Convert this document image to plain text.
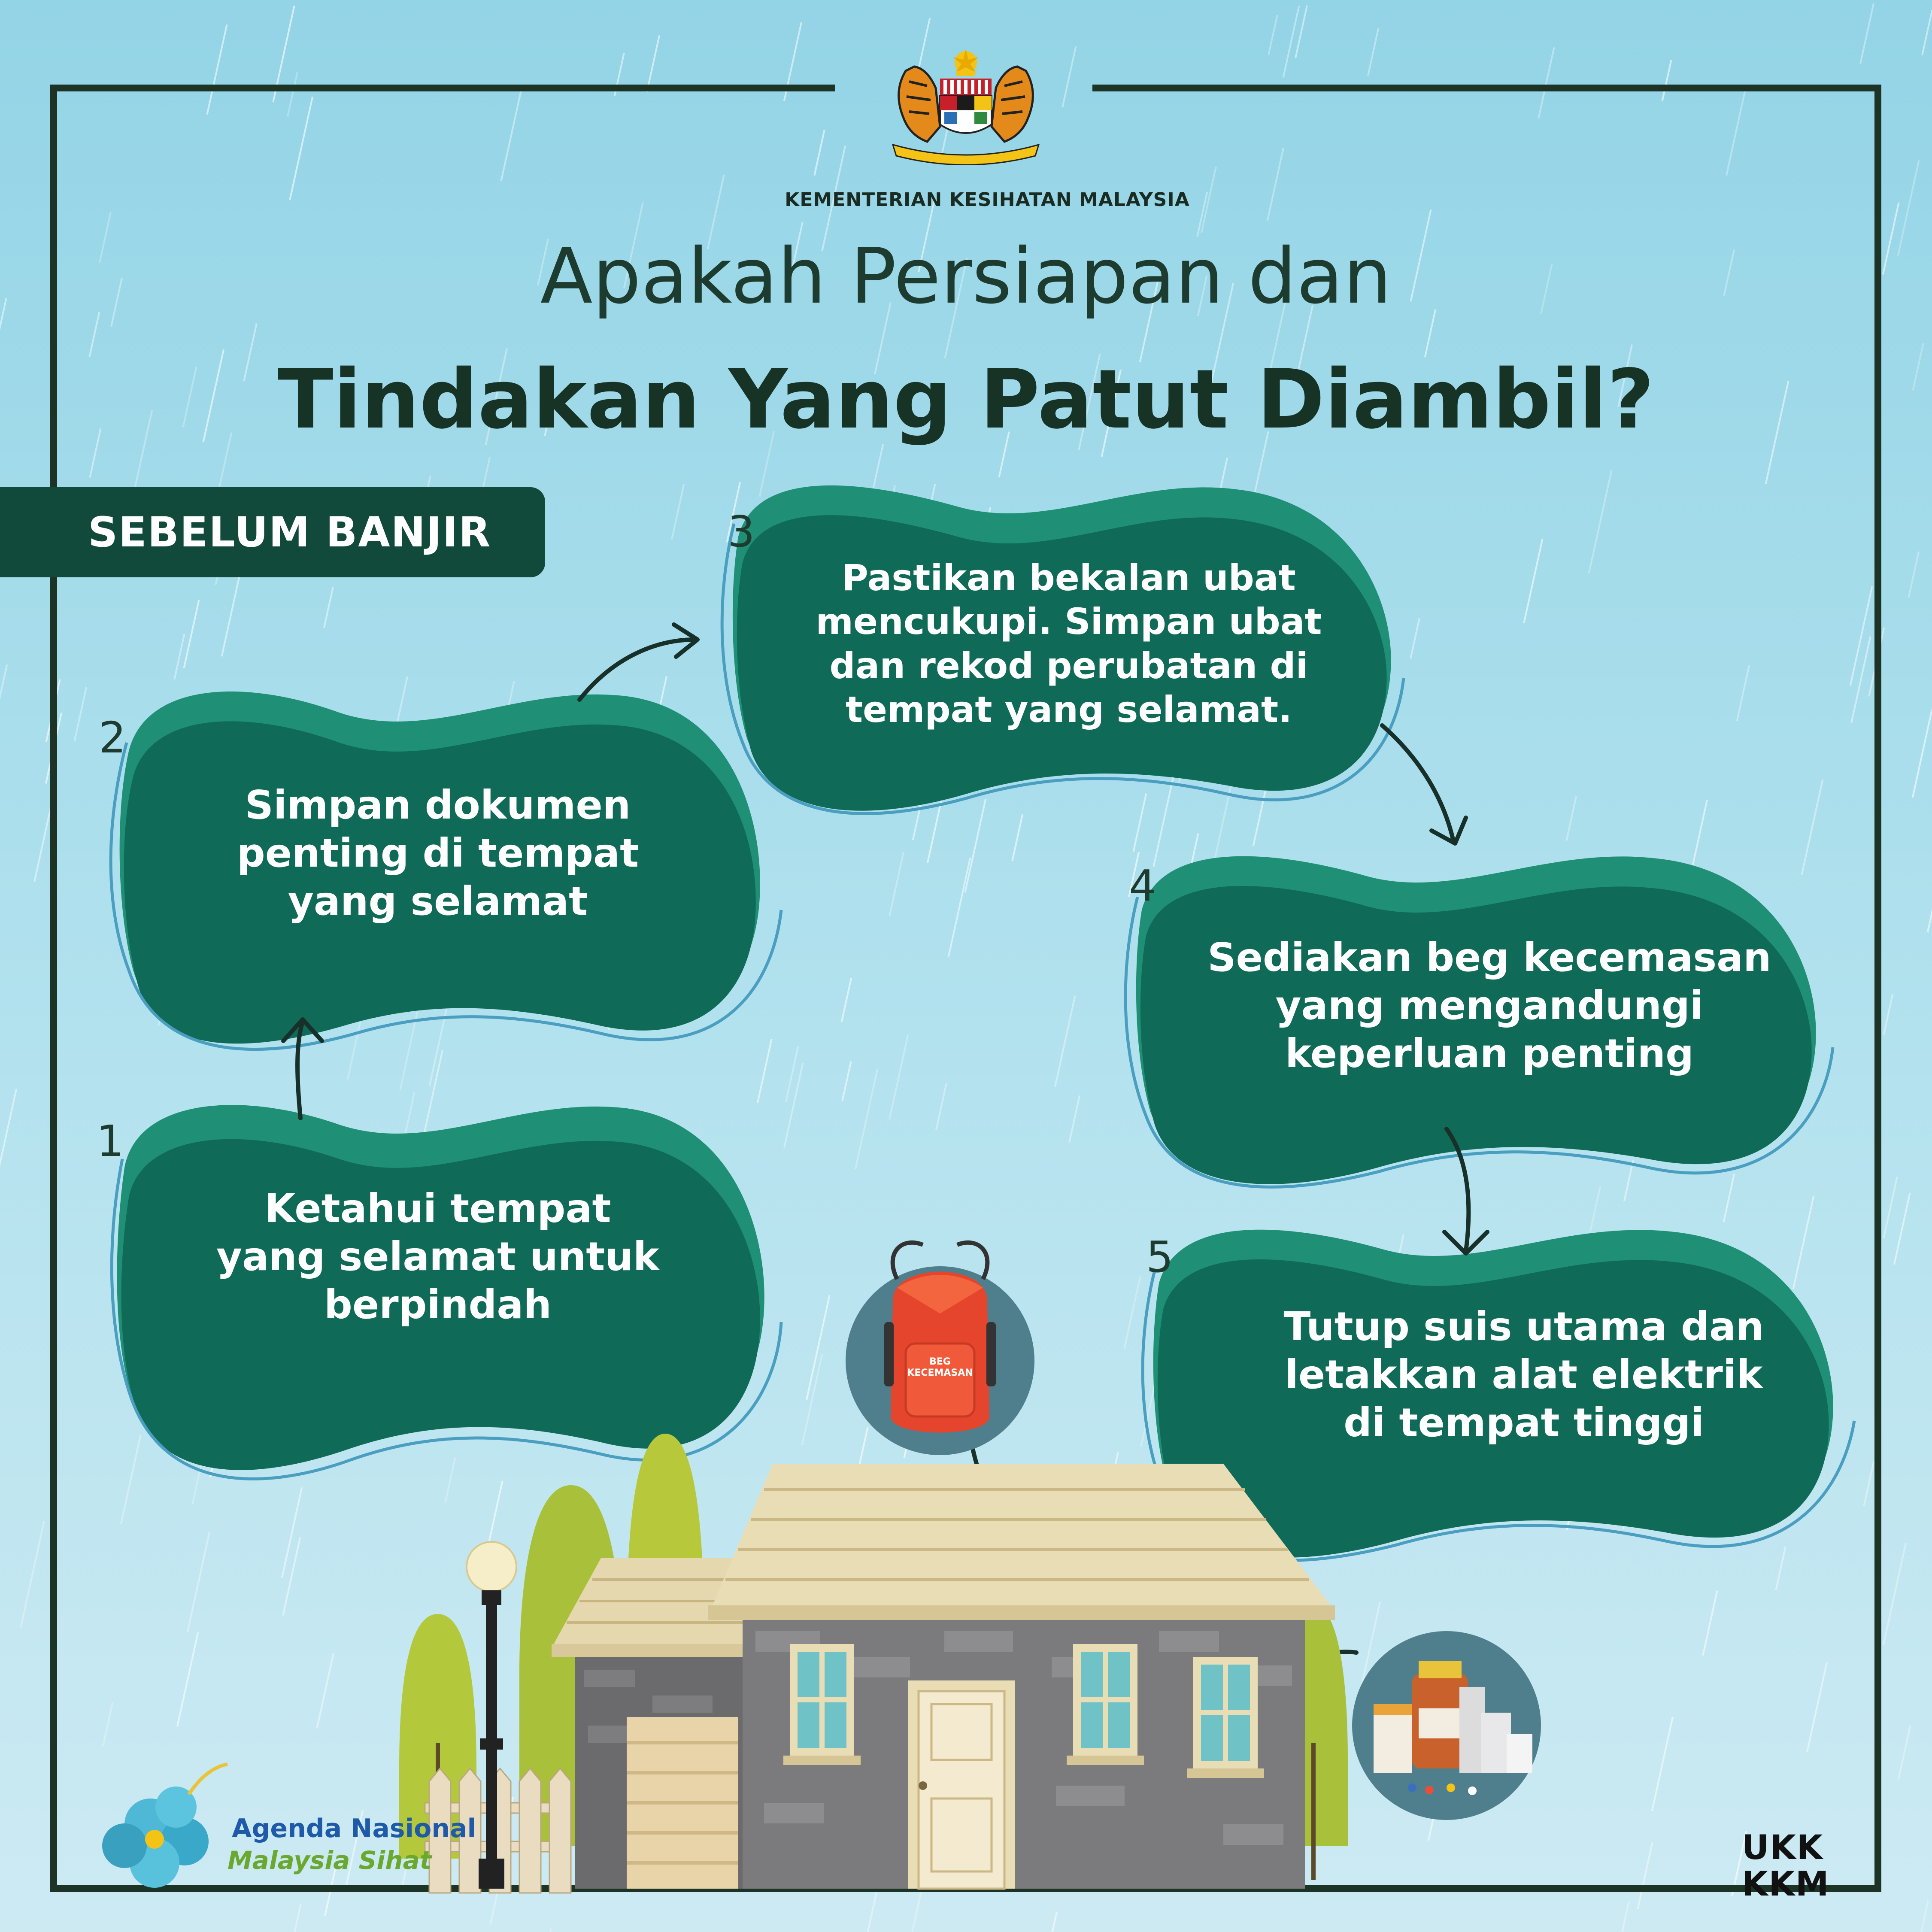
KEMENTERIAN KESIHATAN MALAYSIA
Apakah Persiapan dan
Tindakan Yang Patut Diambil?
SEBELUM BANJIR
1
2
3
4
5
Ketahui tempat
yang selamat untuk
berpindah
Simpan dokumen
penting di tempat
yang selamat
Pastikan bekalan ubat
mencukupi. Simpan ubat
dan rekod perubatan di
tempat yang selamat.
Sediakan beg kecemasan
yang mengandungi
keperluan penting
Tutup suis utama dan
letakkan alat elektrik
di tempat tinggi
BEG
KECEMASAN
Agenda Nasional
Malaysia Sihat	UKK
KKM
